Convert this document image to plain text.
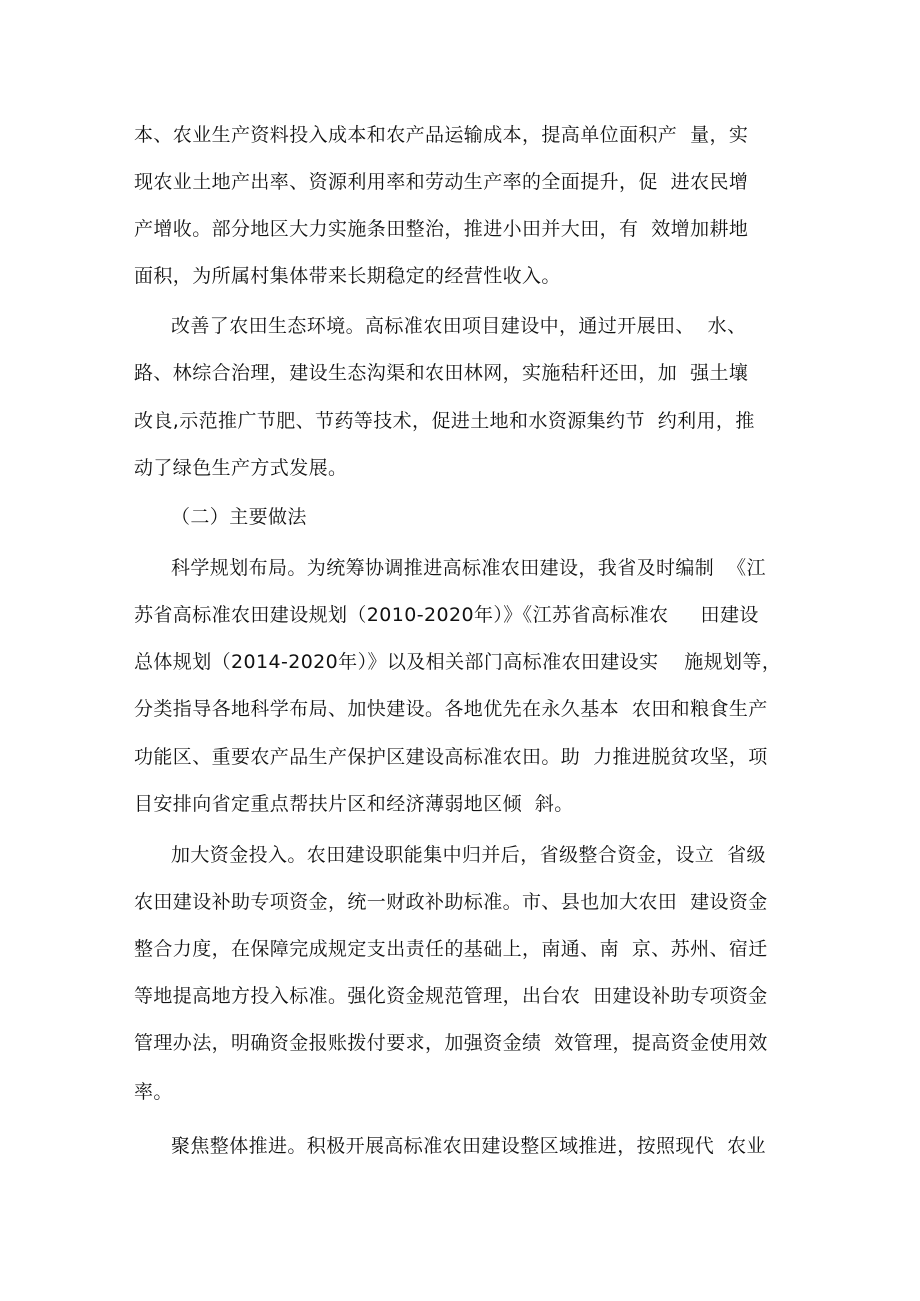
本、农业生产资料投入成本和农产品运输成本，提高单位面积产  量，实
现农业土地产出率、资源利用率和劳动生产率的全面提升，促  进农民增
产增收。部分地区大力实施条田整治，推进小田并大田，有  效增加耕地
面积，为所属村集体带来长期稳定的经营性收入。
改善了农田生态环境。高标准农田项目建设中，通过开展田、  水、
路、林综合治理，建设生态沟渠和农田林网，实施秸秆还田，加  强土壤
改良,示范推广节肥、节药等技术，促进土地和水资源集约节  约利用，推
动了绿色生产方式发展。
（二）主要做法
科学规划布局。为统筹协调推进高标准农田建设，我省及时编制  《江
苏省高标准农田建设规划（2010-2020年）》《江苏省高标准农     田建设
总体规划（2014-2020年）》以及相关部门高标准农田建设实    施规划等，
分类指导各地科学布局、加快建设。各地优先在永久基本  农田和粮食生产
功能区、重要农产品生产保护区建设高标准农田。助  力推进脱贫攻坚，项
目安排向省定重点帮扶片区和经济薄弱地区倾  斜。
加大资金投入。农田建设职能集中归并后，省级整合资金，设立  省级
农田建设补助专项资金，统一财政补助标准。市、县也加大农田  建设资金
整合力度，在保障完成规定支出责任的基础上，南通、南  京、苏州、宿迁
等地提高地方投入标准。强化资金规范管理，出台农  田建设补助专项资金
管理办法，明确资金报账拨付要求，加强资金绩  效管理，提高资金使用效
率。
聚焦整体推进。积极开展高标准农田建设整区域推进，按照现代  农业
